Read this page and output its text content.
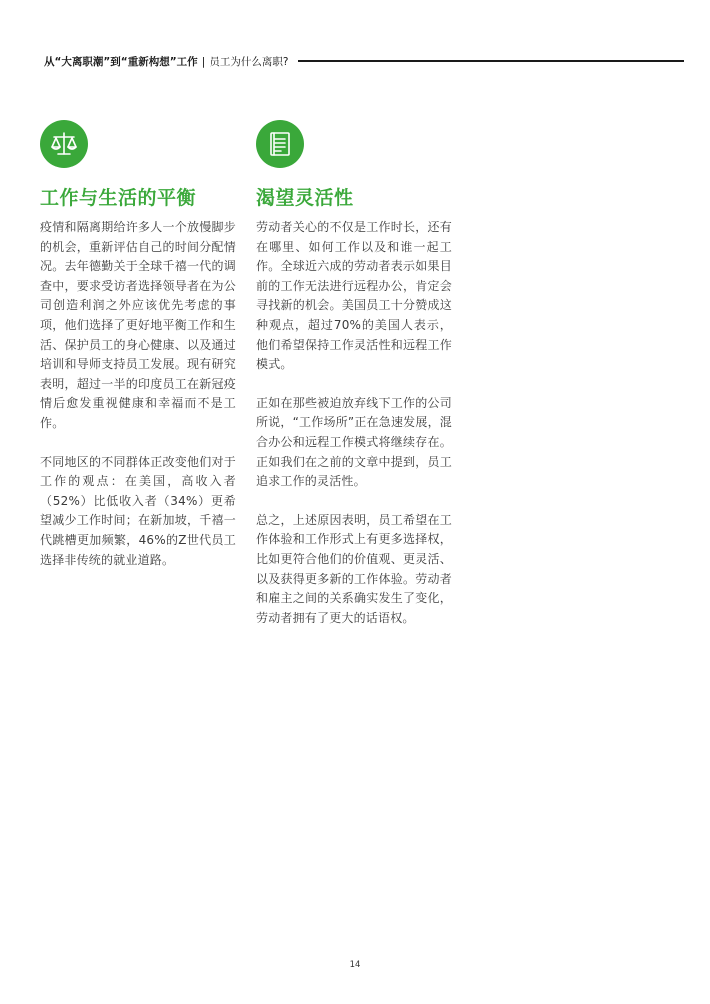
从“大离职潮”到“重新构想”工作 | 员工为什么离职?
工作与生活的平衡

疫情和隔离期给许多人一个放慢脚步的机会，重新评估自己的时间分配情况。去年德勤关于全球千禧一代的调查中，要求受访者选择领导者在为公司创造利润之外应该优先考虑的事项，他们选择了更好地平衡工作和生活、保护员工的身心健康、以及通过培训和导师支持员工发展。现有研究表明，超过一半的印度员工在新冠疫情后愈发重视健康和幸福而不是工作。

不同地区的不同群体正改变他们对于工作的观点：在美国，高收入者（52%）比低收入者（34%）更希望减少工作时间；在新加坡，千禧一代跳槽更加频繁，46%的Z世代员工选择非传统的就业道路。

渴望灵活性

劳动者关心的不仅是工作时长，还有在哪里、如何工作以及和谁一起工作。全球近六成的劳动者表示如果目前的工作无法进行远程办公，肯定会寻找新的机会。美国员工十分赞成这种观点，超过70%的美国人表示，他们希望保持工作灵活性和远程工作模式。

正如在那些被迫放弃线下工作的公司所说，“工作场所”正在急速发展，混合办公和远程工作模式将继续存在。正如我们在之前的文章中提到，员工追求工作的灵活性。

总之，上述原因表明，员工希望在工作体验和工作形式上有更多选择权，比如更符合他们的价值观、更灵活、以及获得更多新的工作体验。劳动者和雇主之间的关系确实发生了变化，劳动者拥有了更大的话语权。

14
